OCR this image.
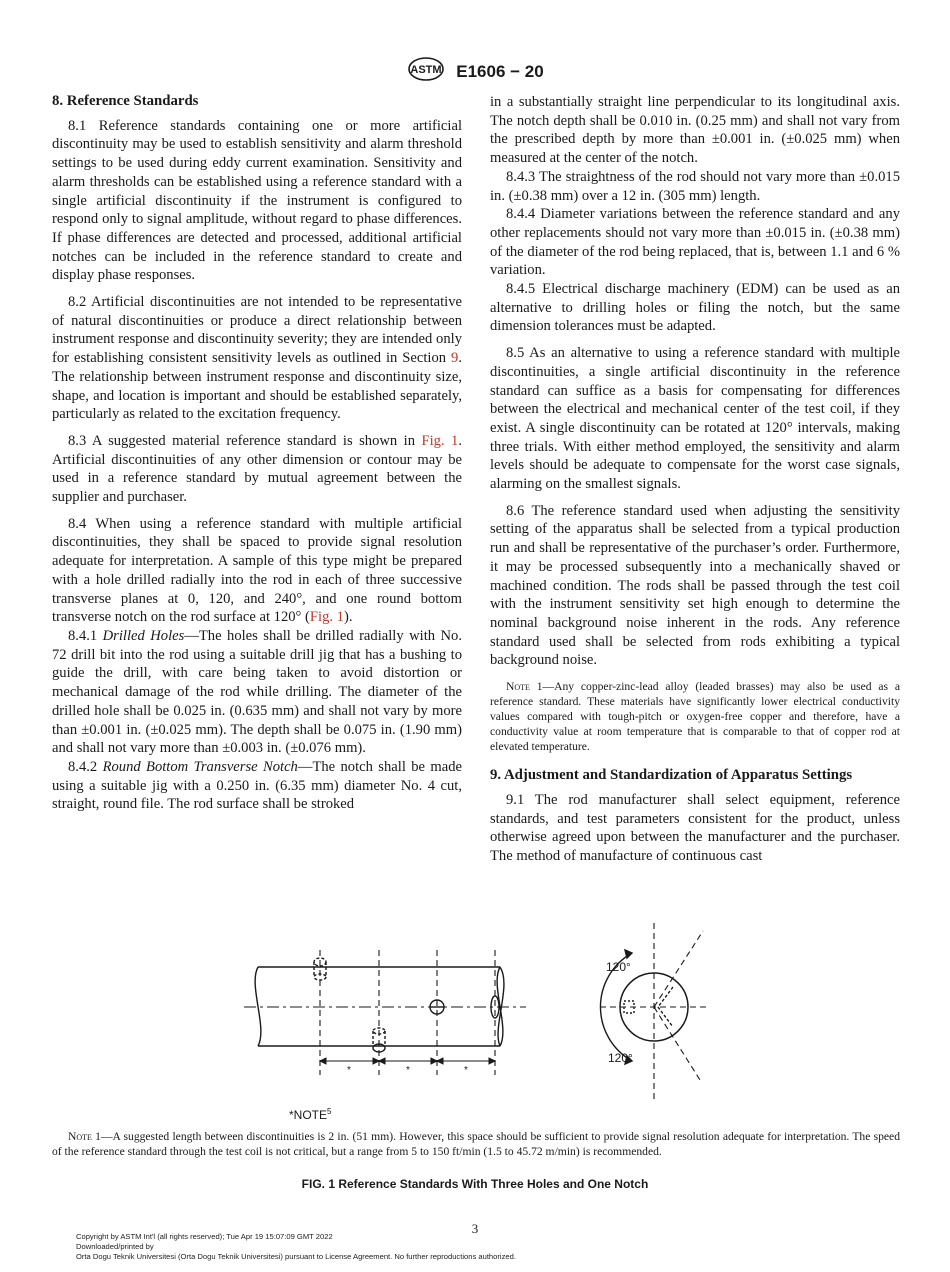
ASTM E1606 − 20
8. Reference Standards

8.1 Reference standards containing one or more artificial discontinuity may be used to establish sensitivity and alarm threshold settings to be used during eddy current examination. Sensitivity and alarm thresholds can be established using a reference standard with a single artificial discontinuity if the instrument is configured to respond only to signal amplitude, without regard to phase differences. If phase differences are detected and processed, additional artificial notches can be included in the reference standard to create and display phase responses.

8.2 Artificial discontinuities are not intended to be representative of natural discontinuities or produce a direct relationship between instrument response and discontinuity severity; they are intended only for establishing consistent sensitivity levels as outlined in Section 9. The relationship between instrument response and discontinuity size, shape, and location is important and should be established separately, particularly as related to the excitation frequency.

8.3 A suggested material reference standard is shown in Fig. 1. Artificial discontinuities of any other dimension or contour may be used in a reference standard by mutual agreement between the supplier and purchaser.

8.4 When using a reference standard with multiple artificial discontinuities, they shall be spaced to provide signal resolution adequate for interpretation. A sample of this type might be prepared with a hole drilled radially into the rod in each of three successive transverse planes at 0, 120, and 240°, and one round bottom transverse notch on the rod surface at 120° (Fig. 1).

8.4.1 Drilled Holes—The holes shall be drilled radially with No. 72 drill bit into the rod using a suitable drill jig that has a bushing to guide the drill, with care being taken to avoid distortion or mechanical damage of the rod while drilling. The diameter of the drilled hole shall be 0.025 in. (0.635 mm) and shall not vary by more than ±0.001 in. (±0.025 mm). The depth shall be 0.075 in. (1.90 mm) and shall not vary more than ±0.003 in. (±0.076 mm).

8.4.2 Round Bottom Transverse Notch—The notch shall be made using a suitable jig with a 0.250 in. (6.35 mm) diameter No. 4 cut, straight, round file. The rod surface shall be stroked

in a substantially straight line perpendicular to its longitudinal axis. The notch depth shall be 0.010 in. (0.25 mm) and shall not vary from the prescribed depth by more than ±0.001 in. (±0.025 mm) when measured at the center of the notch.

8.4.3 The straightness of the rod should not vary more than ±0.015 in. (±0.38 mm) over a 12 in. (305 mm) length.

8.4.4 Diameter variations between the reference standard and any other replacements should not vary more than ±0.015 in. (±0.38 mm) of the diameter of the rod being replaced, that is, between 1.1 and 6 % variation.

8.4.5 Electrical discharge machinery (EDM) can be used as an alternative to drilling holes or filing the notch, but the same dimension tolerances must be adapted.

8.5 As an alternative to using a reference standard with multiple discontinuities, a single artificial discontinuity in the reference standard can suffice as a basis for compensating for differences between the electrical and mechanical center of the test coil, if they exist. A single discontinuity can be rotated at 120° intervals, making three trials. With either method employed, the sensitivity and alarm levels should be adequate to compensate for the worst case signals, alarming on the smallest signals.

8.6 The reference standard used when adjusting the sensitivity setting of the apparatus shall be selected from a typical production run and shall be representative of the purchaser’s order. Furthermore, it may be processed subsequently into a mechanically shaved or machined condition. The rods shall be passed through the test coil with the instrument sensitivity set high enough to determine the nominal background noise inherent in the rods. Any reference standard used shall be selected from rods exhibiting a typical background noise.

Note 1—Any copper-zinc-lead alloy (leaded brasses) may also be used as a reference standard. These materials have significantly lower electrical conductivity values compared with tough-pitch or oxygen-free copper and therefore, have a conductivity value at room temperature that is comparable to that of copper rod at elevated temperature.

9. Adjustment and Standardization of Apparatus Settings

9.1 The rod manufacturer shall select equipment, reference standards, and test parameters consistent for the product, unless otherwise agreed upon between the manufacturer and the purchaser. The method of manufacture of continuous cast

120°
120°
*	*	*
*NOTE$^5$
Note 1—A suggested length between discontinuities is 2 in. (51 mm). However, this space should be sufficient to provide signal resolution adequate for interpretation. The speed of the reference standard through the test coil is not critical, but a range from 5 to 150 ft/min (1.5 to 45.72 m/min) is recommended.
FIG. 1 Reference Standards With Three Holes and One Notch
3
Copyright by ASTM Int'l (all rights reserved); Tue Apr 19 15:07:09 GMT 2022
Downloaded/printed by
Orta Dogu Teknik Universitesi (Orta Dogu Teknik Universitesi) pursuant to License Agreement. No further reproductions authorized.
